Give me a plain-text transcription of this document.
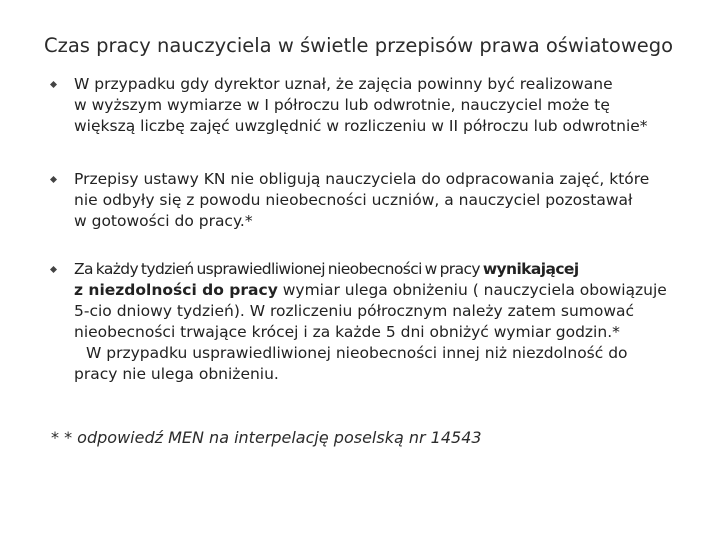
Czas pracy nauczyciela w świetle przepisów prawa oświatowego
W przypadku gdy dyrektor uznał, że zajęcia powinny być realizowane
w wyższym wymiarze w I półroczu lub odwrotnie, nauczyciel może tę
większą liczbę zajęć uwzględnić w rozliczeniu w II półroczu lub odwrotnie*
Przepisy ustawy KN nie obligują nauczyciela do odpracowania zajęć, które
nie odbyły się z powodu nieobecności uczniów, a nauczyciel pozostawał
w gotowości do pracy.*
Za każdy tydzień usprawiedliwionej nieobecności w pracy wynikającej
z niezdolności do pracy wymiar ulega obniżeniu ( nauczyciela obowiązuje
5-cio dniowy tydzień). W rozliczeniu półrocznym należy zatem sumować
nieobecności trwające krócej i za każde 5 dni obniżyć wymiar godzin.*
W przypadku usprawiedliwionej nieobecności innej niż niezdolność do
pracy nie ulega obniżeniu.
* * odpowiedź MEN na interpelację poselską nr 14543
